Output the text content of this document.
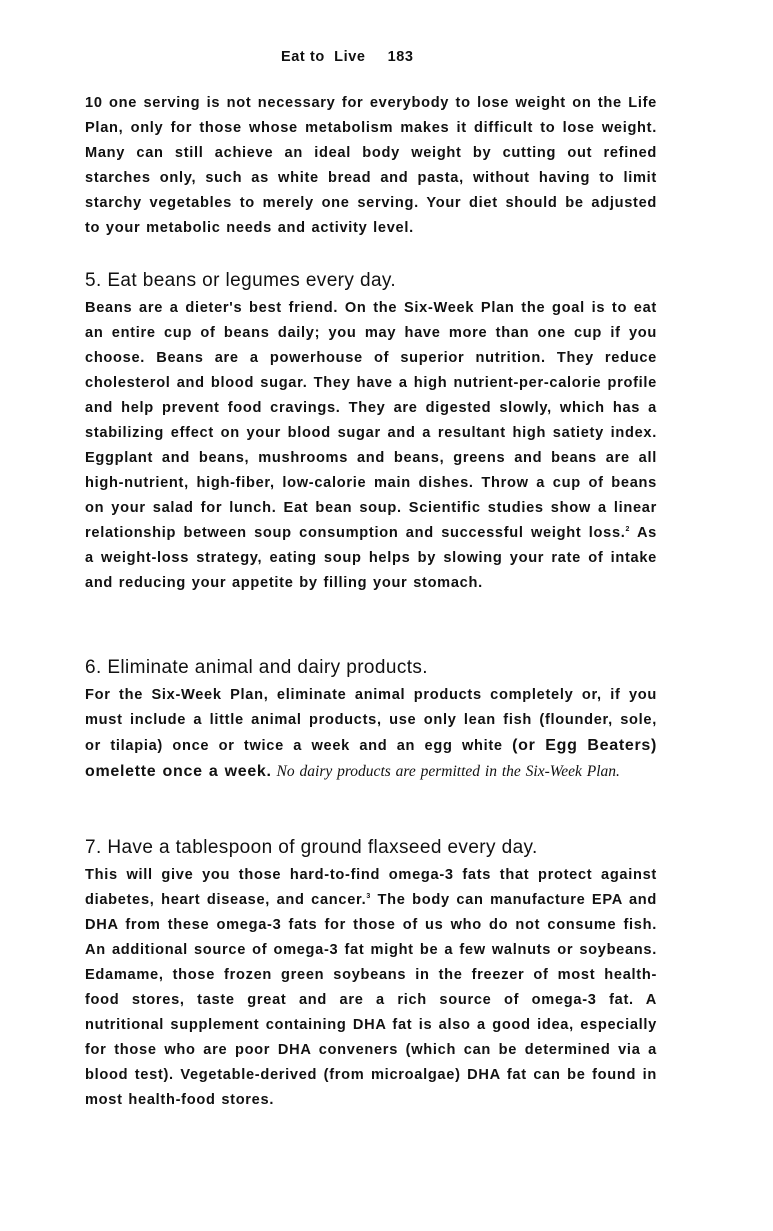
Eat to  Live 183

10 one serving is not necessary for everybody to lose weight on the Life Plan, only for those whose metabolism makes it difficult to lose weight. Many can still achieve an ideal body weight by cutting out refined starches only, such as white bread and pasta, without having to limit starchy vegetables to merely one serving. Your diet should be adjusted to your metabolic needs and activity level.

5. Eat beans or legumes every day.

Beans are a dieter's best friend. On the Six-Week Plan the goal is to eat an entire cup of beans daily; you may have more than one cup if you choose. Beans are a powerhouse of superior nutrition. They reduce cholesterol and blood sugar. They have a high nutrient-per-calorie profile and help prevent food cravings. They are digested slowly, which has a stabilizing effect on your blood sugar and a resultant high satiety index. Eggplant and beans, mushrooms and beans, greens and beans are all high-nutrient, high-fiber, low-calorie main dishes. Throw a cup of beans on your salad for lunch. Eat bean soup. Scientific studies show a linear relationship between soup consumption and successful weight loss.$^2$ As a weight-loss strategy, eating soup helps by slowing your rate of intake and reducing your appetite by filling your stomach.

6. Eliminate animal and dairy products.

For the Six-Week Plan, eliminate animal products completely or, if you must include a little animal products, use only lean fish (flounder, sole, or tilapia) once or twice a week and an egg white (or Egg Beaters) omelette once a week. No dairy products are permitted in the Six-Week Plan.

7. Have a tablespoon of ground flaxseed every day.

This will give you those hard-to-find omega-3 fats that protect against diabetes, heart disease, and cancer.$^3$ The body can manufacture EPA and DHA from these omega-3 fats for those of us who do not consume fish. An additional source of omega-3 fat might be a few walnuts or soybeans. Edamame, those frozen green soybeans in the freezer of most health-food stores, taste great and are a rich source of omega-3 fat. A nutritional supplement containing DHA fat is also a good idea, especially for those who are poor DHA conveners (which can be determined via a blood test). Vegetable-derived (from microalgae) DHA fat can be found in most health-food stores.
